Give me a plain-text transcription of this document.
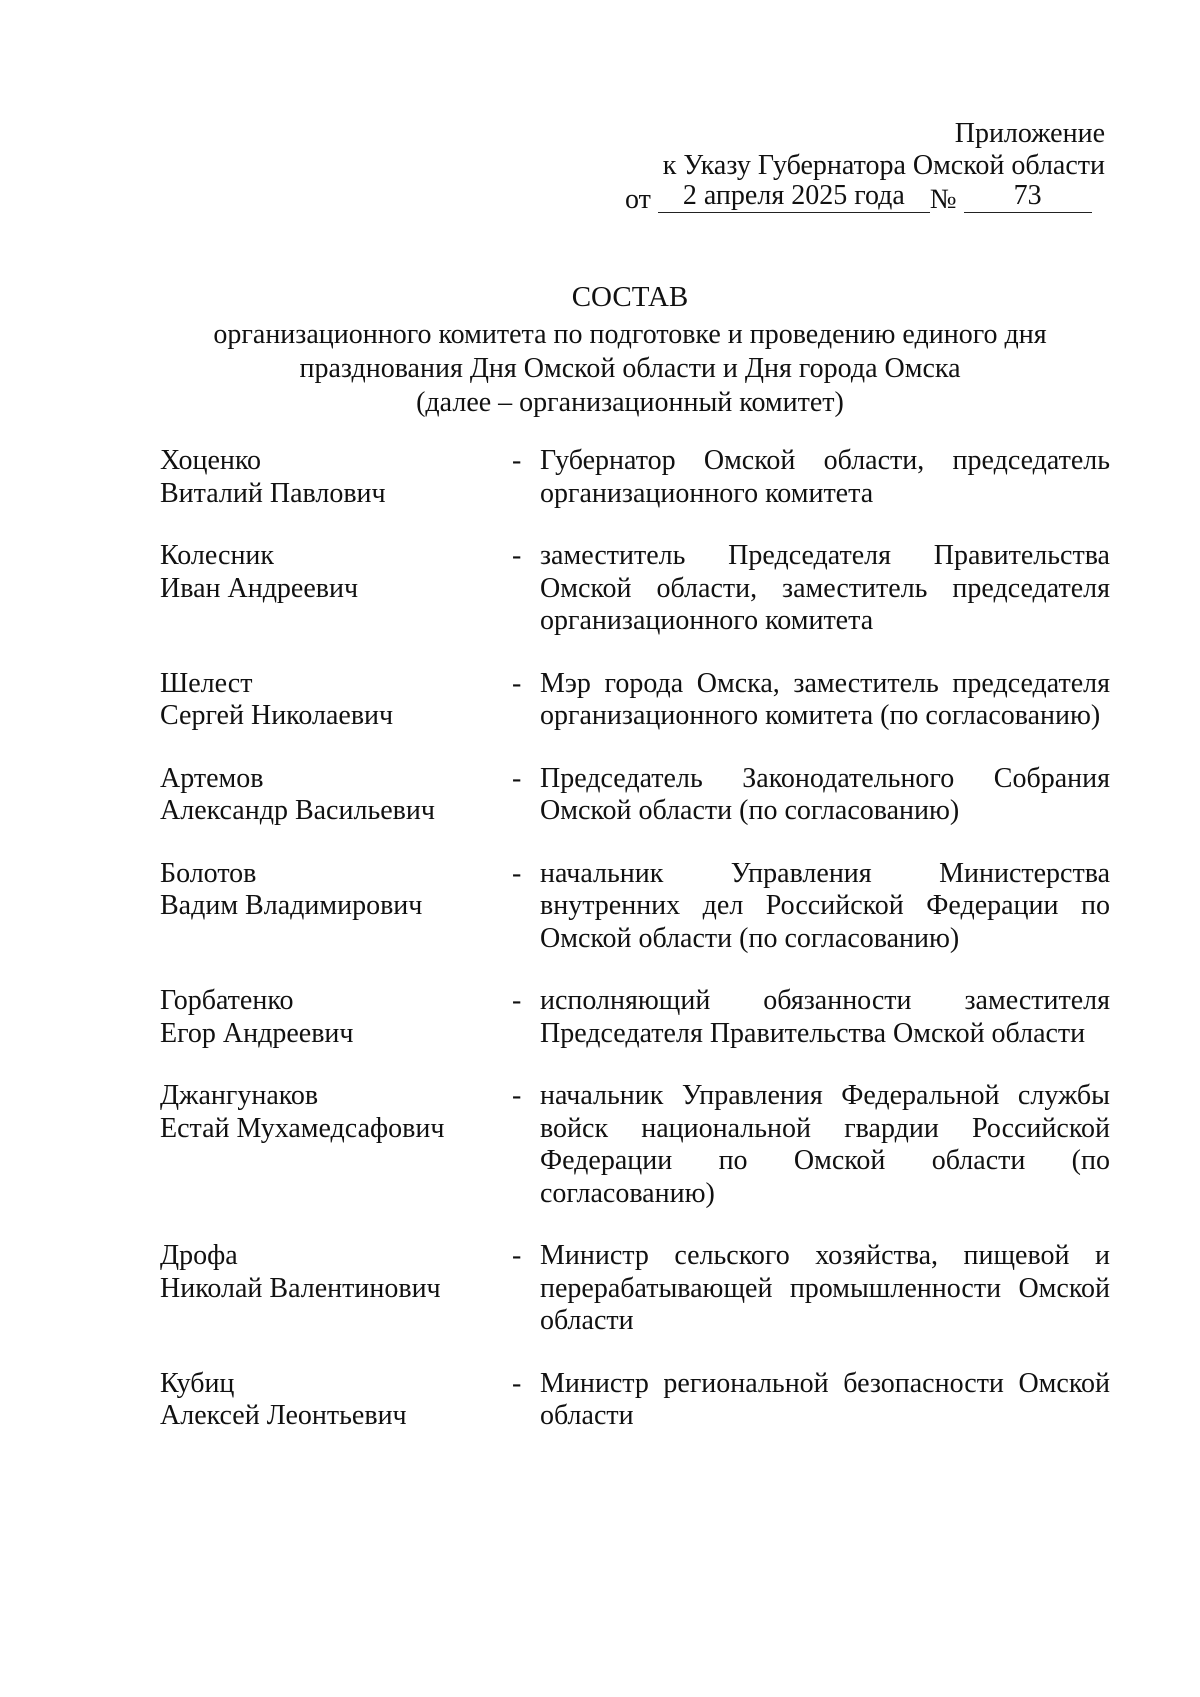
Приложение
к Указу Губернатора Омской области
от 2 апреля 2025 года № 73
СОСТАВ
организационного комитета по подготовке и проведению единого дня
празднования Дня Омской области и Дня города Омска
(далее – организационный комитет)
Хоценко
Виталий Павлович
- Губернатор Омской области, председатель организационного комитета
Колесник
Иван Андреевич
- заместитель Председателя Правительства Омской области, заместитель председателя организационного комитета
Шелест
Сергей Николаевич
- Мэр города Омска, заместитель председателя организационного комитета (по согласованию)
Артемов
Александр Васильевич
- Председатель Законодательного Собрания Омской области (по согласованию)
Болотов
Вадим Владимирович
- начальник Управления Министерства внутренних дел Российской Федерации по Омской области (по согласованию)
Горбатенко
Егор Андреевич
- исполняющий обязанности заместителя Председателя Правительства Омской области
Джангунаков
Естай Мухамедсафович
- начальник Управления Федеральной службы войск национальной гвардии Российской Федерации по Омской области (по согласованию)
Дрофа
Николай Валентинович
- Министр сельского хозяйства, пищевой и перерабатывающей промышленности Омской области
Кубиц
Алексей Леонтьевич
- Министр региональной безопасности Омской области
